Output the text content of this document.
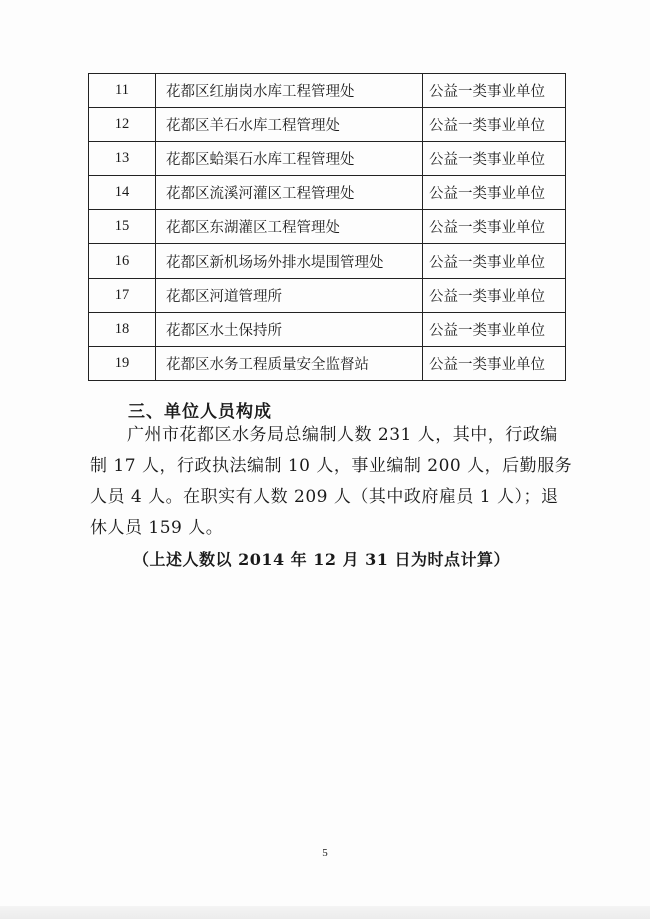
11	花都区红崩岗水库工程管理处	公益一类事业单位
12	花都区羊石水库工程管理处	公益一类事业单位
13	花都区蛤渠石水库工程管理处	公益一类事业单位
14	花都区流溪河灌区工程管理处	公益一类事业单位
15	花都区东湖灌区工程管理处	公益一类事业单位
16	花都区新机场场外排水堤围管理处	公益一类事业单位
17	花都区河道管理所	公益一类事业单位
18	花都区水土保持所	公益一类事业单位
19	花都区水务工程质量安全监督站	公益一类事业单位
三、单位人员构成
广州市花都区水务局总编制人数 231 人，其中，行政编
制 17 人，行政执法编制 10 人，事业编制 200 人，后勤服务
人员 4 人。在职实有人数 209 人（其中政府雇员 1 人）；退
休人员 159 人。
（上述人数以 2014 年 12 月 31 日为时点计算）
5
